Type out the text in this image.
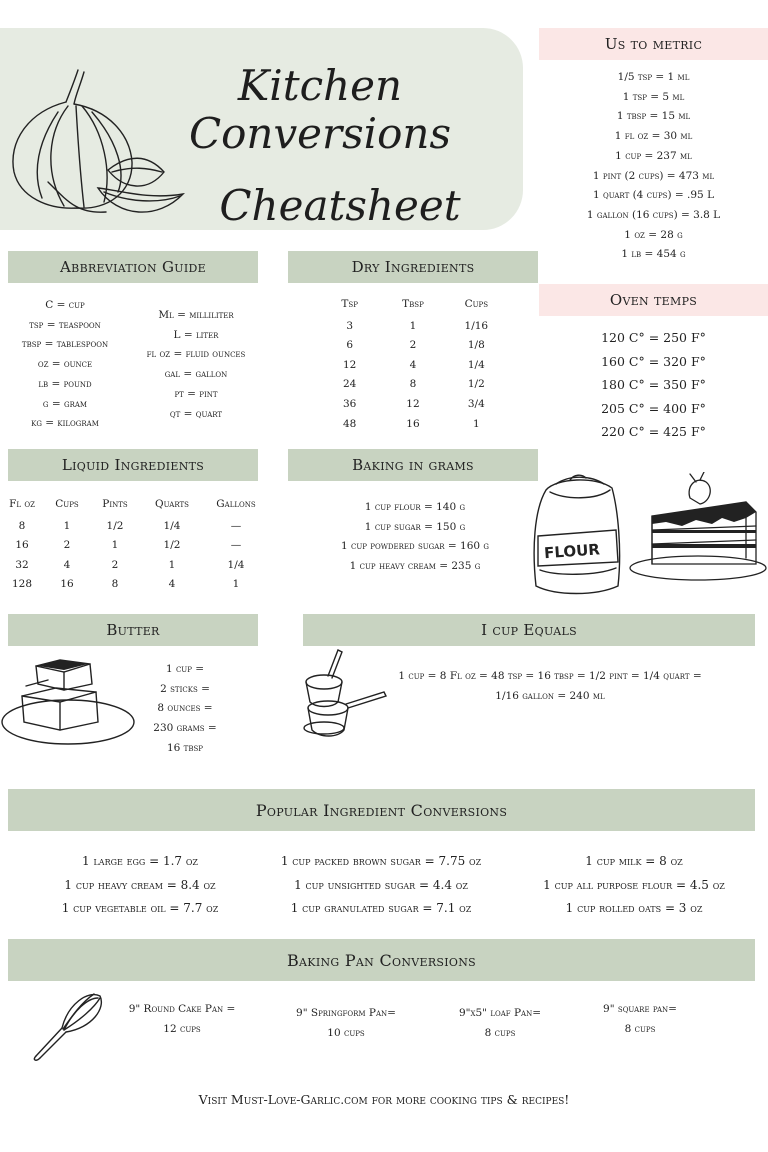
Kitchen Conversions
Cheatsheet
Us to metric
1/5 tsp = 1 ml
1 tsp = 5 ml
1 tbsp = 15 ml
1 fl oz = 30 ml
1 cup = 237 ml
1 pint (2 cups) = 473 ml
1 quart (4 cups) = .95 L
1 gallon (16 cups) = 3.8 L
1 oz = 28 g
1 lb = 454 g
Oven temps
120 C° = 250 F°
160 C° = 320 F°
180 C° = 350 F°
205 C° = 400 F°
220 C° = 425 F°
Abbreviation Guide
C = cup
tsp = teaspoon
tbsp = tablespoon
oz = ounce
lb = pound
g = gram
kg = kilogram
Ml = milliliter
L = liter
fl oz = fluid ounces
gal = gallon
pt = pint
qt = quart
Dry Ingredients
Tsp	Tbsp	Cups
3	1	1/16
6	2	1/8
12	4	1/4
24	8	1/2
36	12	3/4
48	16	1
Liquid Ingredients
Fl oz	Cups	Pints	Quarts	Gallons
8	1	1/2	1/4	—
16	2	1	1/2	—
32	4	2	1	1/4
128	16	8	4	1
Baking in grams
1 cup flour = 140 g
1 cup sugar = 150 g
1 cup powdered sugar = 160 g
1 cup heavy cream = 235 g
FLOUR
Butter
1 cup =
2 sticks =
8 ounces =
230 grams =
16 tbsp
I cup Equals
1 cup = 8 Fl oz = 48 tsp = 16 tbsp = 1/2 pint = 1/4 quart =
1/16 gallon = 240 ml
Popular Ingredient Conversions
1 large egg = 1.7 oz
1 cup heavy cream = 8.4 oz
1 cup vegetable oil = 7.7 oz
1 cup packed brown sugar = 7.75 oz
1 cup unsighted sugar = 4.4 oz
1 cup granulated sugar = 7.1 oz
1 cup milk = 8 oz
1 cup all purpose flour = 4.5 oz
1 cup rolled oats = 3 oz
Baking Pan Conversions
9" Round Cake Pan =
12 cups
9" Springform Pan=
10 cups
9"x5" loaf Pan=
8 cups
9" square pan=
8 cups
Visit Must-Love-Garlic.com for more cooking tips & recipes!
